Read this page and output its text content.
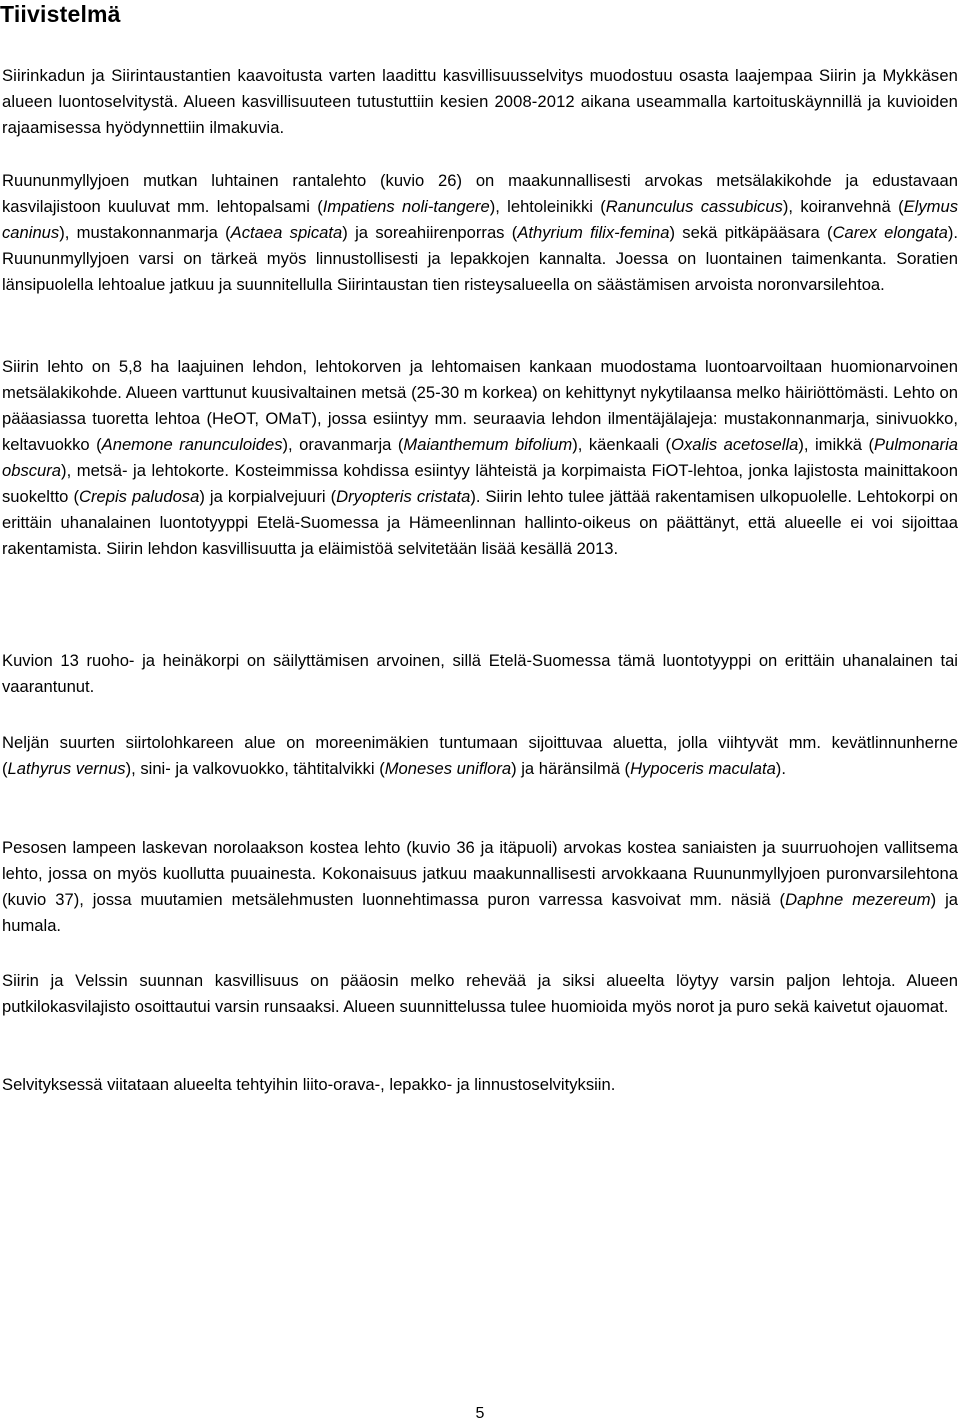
Tiivistelmä

Siirinkadun ja Siirintaustantien kaavoitusta varten laadittu kasvillisuusselvitys muodostuu osasta laajempaa Siirin ja Mykkäsen alueen luontoselvitystä. Alueen kasvillisuuteen tutustuttiin kesien 2008-2012 aikana useammalla kartoituskäynnillä ja kuvioiden rajaamisessa hyödynnettiin ilmakuvia.

Ruununmyllyjoen mutkan luhtainen rantalehto (kuvio 26) on maakunnallisesti arvokas metsälakikohde ja edustavaan kasvilajistoon kuuluvat mm. lehtopalsami (Impatiens noli-tangere), lehtoleinikki (Ranunculus cassubicus), koiranvehnä (Elymus caninus), mustakonnanmarja (Actaea spicata) ja soreahiirenporras (Athyrium filix-femina) sekä pitkäpääsara (Carex elongata). Ruununmyllyjoen varsi on tärkeä myös linnustollisesti ja lepakkojen kannalta. Joessa on luontainen taimenkanta. Soratien länsipuolella lehtoalue jatkuu ja suunnitellulla Siirintaustan tien risteysalueella on säästämisen arvoista noronvarsilehtoa.

Siirin lehto on 5,8 ha laajuinen lehdon, lehtokorven ja lehtomaisen kankaan muodostama luontoarvoiltaan huomionarvoinen metsälakikohde. Alueen varttunut kuusivaltainen metsä (25-30 m korkea) on kehittynyt nykytilaansa melko häiriöttömästi. Lehto on pääasiassa tuoretta lehtoa (HeOT, OMaT), jossa esiintyy mm. seuraavia lehdon ilmentäjälajeja: mustakonnanmarja, sinivuokko, keltavuokko (Anemone ranunculoides), oravanmarja (Maianthemum bifolium), käenkaali (Oxalis acetosella), imikkä (Pulmonaria obscura), metsä- ja lehtokorte. Kosteimmissa kohdissa esiintyy lähteistä ja korpimaista FiOT-lehtoa, jonka lajistosta mainittakoon suokeltto (Crepis paludosa) ja korpialvejuuri (Dryopteris cristata). Siirin lehto tulee jättää rakentamisen ulkopuolelle. Lehtokorpi on erittäin uhanalainen luontotyyppi Etelä-Suomessa ja Hämeenlinnan hallinto-oikeus on päättänyt, että alueelle ei voi sijoittaa rakentamista. Siirin lehdon kasvillisuutta ja eläimistöä selvitetään lisää kesällä 2013.

Kuvion 13 ruoho- ja heinäkorpi on säilyttämisen arvoinen, sillä Etelä-Suomessa tämä luontotyyppi on erittäin uhanalainen tai vaarantunut.

Neljän suurten siirtolohkareen alue on moreenimäkien tuntumaan sijoittuvaa aluetta, jolla viihtyvät mm. kevätlinnunherne (Lathyrus vernus), sini- ja valkovuokko, tähtitalvikki (Moneses uniflora) ja häränsilmä (Hypoceris maculata).

Pesosen lampeen laskevan norolaakson kostea lehto (kuvio 36 ja itäpuoli) arvokas kostea saniaisten ja suurruohojen vallitsema lehto, jossa on myös kuollutta puuainesta. Kokonaisuus jatkuu maakunnallisesti arvokkaana Ruununmyllyjoen puronvarsilehtona (kuvio 37), jossa muutamien metsälehmusten luonnehtimassa puron varressa kasvoivat mm. näsiä (Daphne mezereum) ja humala.

Siirin ja Velssin suunnan kasvillisuus on pääosin melko rehevää ja siksi alueelta löytyy varsin paljon lehtoja. Alueen putkilokasvilajisto osoittautui varsin runsaaksi. Alueen suunnittelussa tulee huomioida myös norot ja puro sekä kaivetut ojauomat.

Selvityksessä viitataan alueelta tehtyihin liito-orava-, lepakko- ja linnustoselvityksiin.

5
